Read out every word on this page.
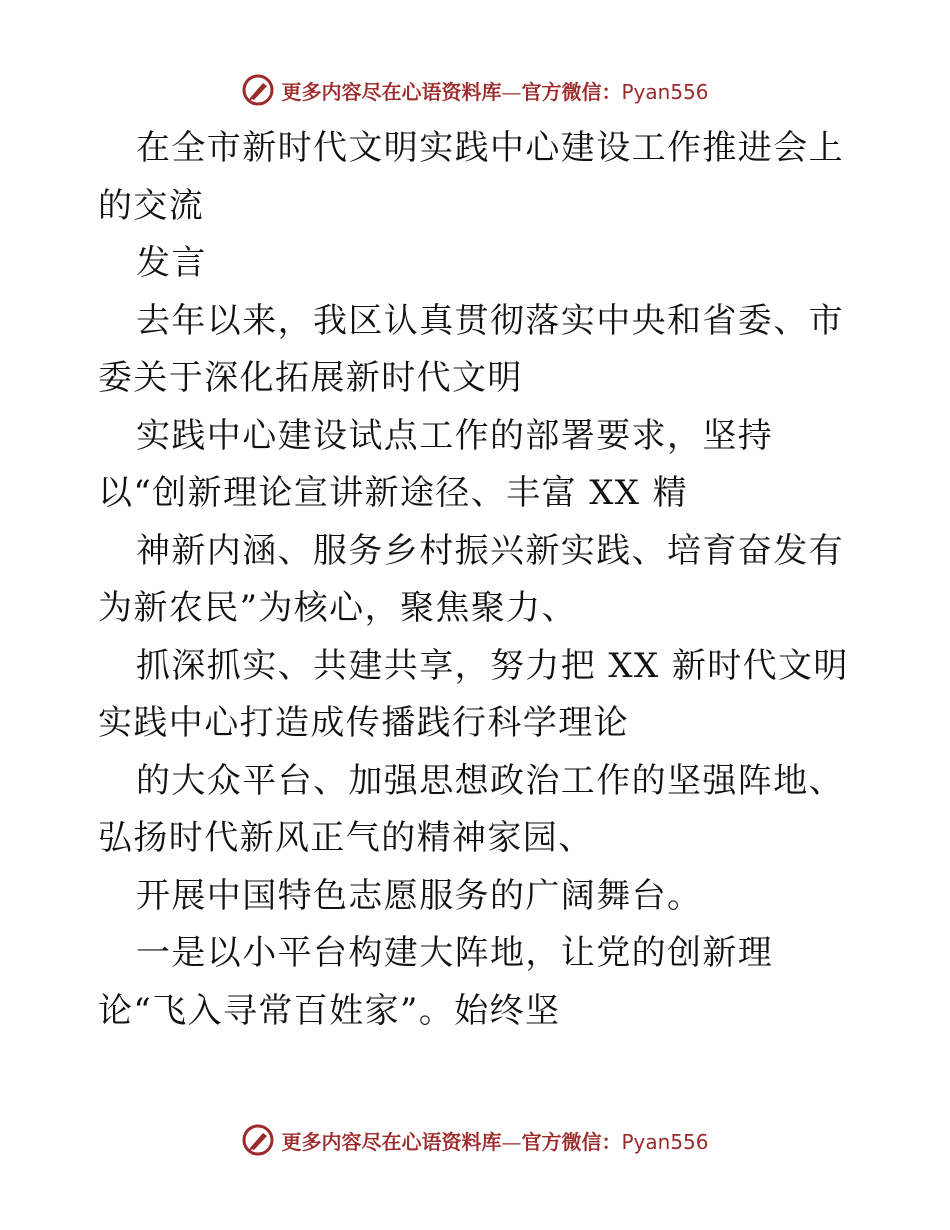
更多内容尽在心语资料库—官方微信：Pyan556

在全市新时代文明实践中心建设工作推进会上的交流

发言

去年以来，我区认真贯彻落实中央和省委、市委关于深化拓展新时代文明

实践中心建设试点工作的部署要求，坚持以“创新理论宣讲新途径、丰富 XX 精

神新内涵、服务乡村振兴新实践、培育奋发有为新农民”为核心，聚焦聚力、

抓深抓实、共建共享，努力把 XX 新时代文明实践中心打造成传播践行科学理论

的大众平台、加强思想政治工作的坚强阵地、弘扬时代新风正气的精神家园、

开展中国特色志愿服务的广阔舞台。

一是以小平台构建大阵地，让党的创新理论“飞入寻常百姓家”。始终坚

更多内容尽在心语资料库—官方微信：Pyan556
